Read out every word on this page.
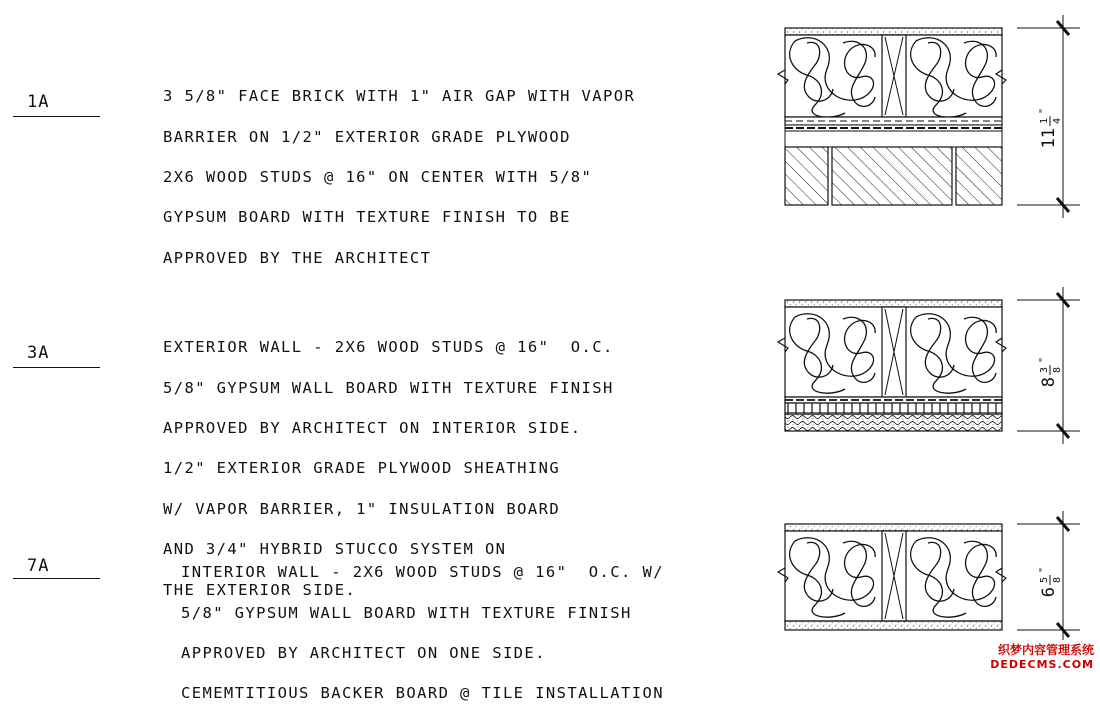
1A	3 5/8" FACE BRICK WITH 1" AIR GAP WITH VAPOR

BARRIER ON 1/2" EXTERIOR GRADE PLYWOOD

2X6 WOOD STUDS @ 16" ON CENTER WITH 5/8"

GYPSUM BOARD WITH TEXTURE FINISH TO BE

APPROVED BY THE ARCHITECT

3A	EXTERIOR WALL - 2X6 WOOD STUDS @ 16"  O.C.

5/8" GYPSUM WALL BOARD WITH TEXTURE FINISH

APPROVED BY ARCHITECT ON INTERIOR SIDE.

1/2" EXTERIOR GRADE PLYWOOD SHEATHING

W/ VAPOR BARRIER, 1" INSULATION BOARD

AND 3/4" HYBRID STUCCO SYSTEM ON

THE EXTERIOR SIDE.

7A	INTERIOR WALL - 2X6 WOOD STUDS @ 16"  O.C. W/

5/8" GYPSUM WALL BOARD WITH TEXTURE FINISH

APPROVED BY ARCHITECT ON ONE SIDE.

CEMEMTITIOUS BACKER BOARD @ TILE INSTALLATION

11
1 4
"
8
3 8
"
6
5 8
"
织梦内容管理系统
DEDECMS.COM
